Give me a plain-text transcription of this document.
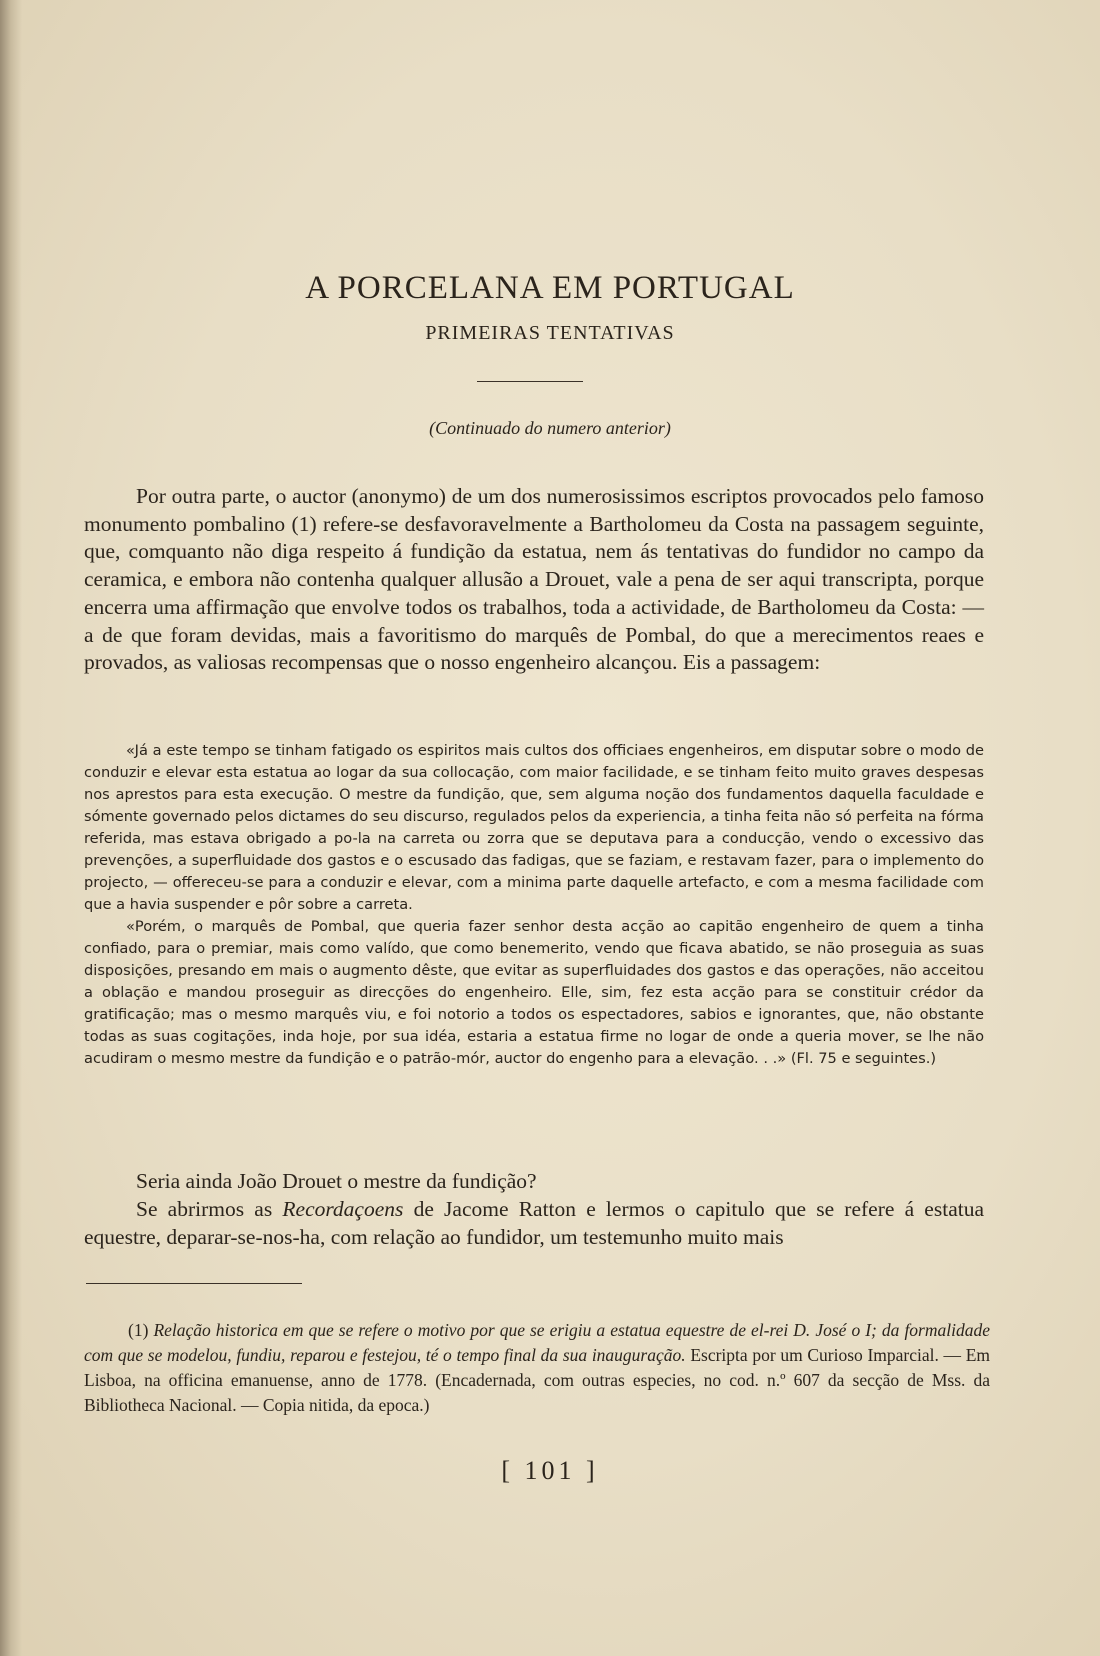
A PORCELANA EM PORTUGAL
PRIMEIRAS TENTATIVAS
(Continuado do numero anterior)

Por outra parte, o auctor (anonymo) de um dos numerosissimos escriptos provocados pelo famoso monumento pombalino (1) refere-se desfavoravelmente a Bartholomeu da Costa na passagem seguinte, que, comquanto não diga respeito á fundição da estatua, nem ás tentativas do fundidor no campo da ceramica, e embora não contenha qualquer allusão a Drouet, vale a pena de ser aqui transcripta, porque encerra uma affirmação que envolve todos os trabalhos, toda a actividade, de Bartholomeu da Costa: — a de que foram devidas, mais a favoritismo do marquês de Pombal, do que a merecimentos reaes e provados, as valiosas recompensas que o nosso engenheiro alcançou. Eis a passagem:

«Já a este tempo se tinham fatigado os espiritos mais cultos dos officiaes engenheiros, em disputar sobre o modo de conduzir e elevar esta estatua ao logar da sua collocação, com maior facilidade, e se tinham feito muito graves despesas nos aprestos para esta execução. O mestre da fundição, que, sem alguma noção dos fundamentos daquella faculdade e sómente governado pelos dictames do seu discurso, regulados pelos da experiencia, a tinha feita não só perfeita na fórma referida, mas estava obrigado a po-la na carreta ou zorra que se deputava para a conducção, vendo o excessivo das prevenções, a superfluidade dos gastos e o escusado das fadigas, que se faziam, e restavam fazer, para o implemento do projecto, — offereceu-se para a conduzir e elevar, com a minima parte daquelle artefacto, e com a mesma facilidade com que a havia suspender e pôr sobre a carreta.

«Porém, o marquês de Pombal, que queria fazer senhor desta acção ao capitão engenheiro de quem a tinha confiado, para o premiar, mais como valído, que como benemerito, vendo que ficava abatido, se não proseguia as suas disposições, presando em mais o augmento dêste, que evitar as superfluidades dos gastos e das operações, não acceitou a oblação e mandou proseguir as direcções do engenheiro. Elle, sim, fez esta acção para se constituir crédor da gratificação; mas o mesmo marquês viu, e foi notorio a todos os espectadores, sabios e ignorantes, que, não obstante todas as suas cogitações, inda hoje, por sua idéa, estaria a estatua firme no logar de onde a queria mover, se lhe não acudiram o mesmo mestre da fundição e o patrão-mór, auctor do engenho para a elevação. . .» (Fl. 75 e seguintes.)

Seria ainda João Drouet o mestre da fundição?

Se abrirmos as Recordaçoens de Jacome Ratton e lermos o capitulo que se refere á estatua equestre, deparar-se-nos-ha, com relação ao fundidor, um testemunho muito mais

(1) Relação historica em que se refere o motivo por que se erigiu a estatua equestre de el-rei D. José o I; da formalidade com que se modelou, fundiu, reparou e festejou, té o tempo final da sua inauguração. Escripta por um Curioso Imparcial. — Em Lisboa, na officina emanuense, anno de 1778. (Encadernada, com outras especies, no cod. n.º 607 da secção de Mss. da Bibliotheca Nacional. — Copia nitida, da epoca.)

[ 101 ]
